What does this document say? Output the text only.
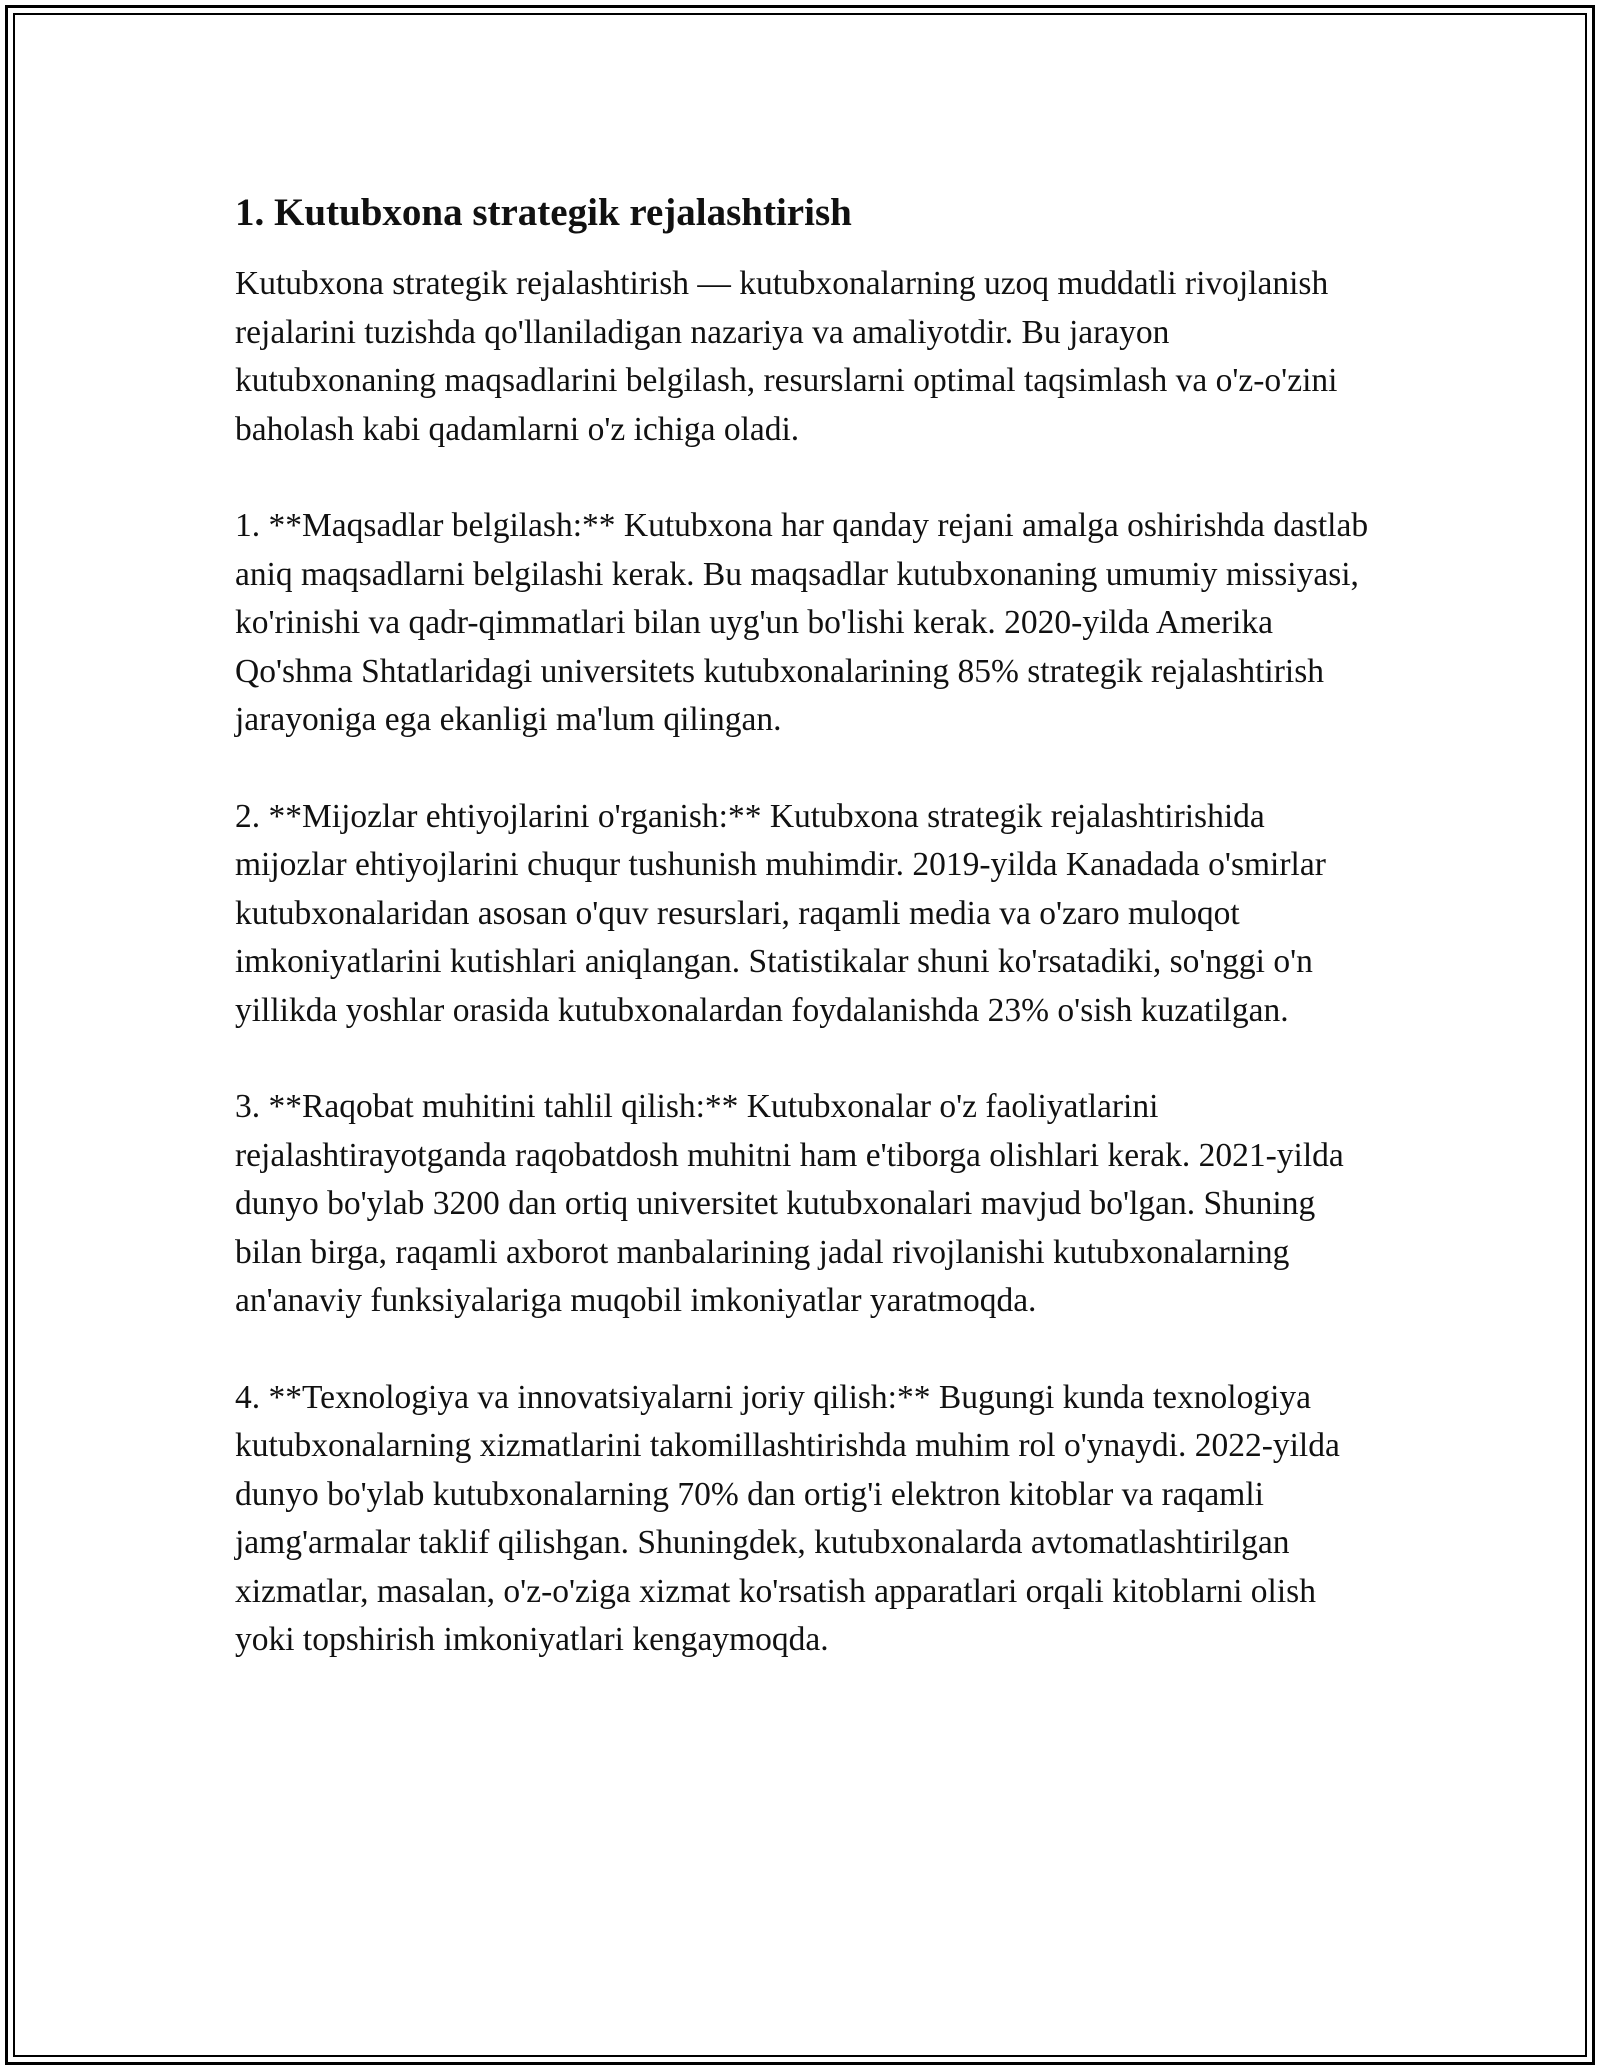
1. Kutubxona strategik rejalashtirish

Kutubxona strategik rejalashtirish — kutubxonalarning uzoq muddatli rivojlanish rejalarini tuzishda qo'llaniladigan nazariya va amaliyotdir. Bu jarayon kutubxonaning maqsadlarini belgilash, resurslarni optimal taqsimlash va o'z-o'zini baholash kabi qadamlarni o'z ichiga oladi.

1. **Maqsadlar belgilash:** Kutubxona har qanday rejani amalga oshirishda dastlab aniq maqsadlarni belgilashi kerak. Bu maqsadlar kutubxonaning umumiy missiyasi, ko'rinishi va qadr-qimmatlari bilan uyg'un bo'lishi kerak. 2020-yilda Amerika Qo'shma Shtatlaridagi universitets kutubxonalarining 85% strategik rejalashtirish jarayoniga ega ekanligi ma'lum qilingan.

2. **Mijozlar ehtiyojlarini o'rganish:** Kutubxona strategik rejalashtirishida mijozlar ehtiyojlarini chuqur tushunish muhimdir. 2019-yilda Kanadada o'smirlar kutubxonalaridan asosan o'quv resurslari, raqamli media va o'zaro muloqot imkoniyatlarini kutishlari aniqlangan. Statistikalar shuni ko'rsatadiki, so'nggi o'n yillikda yoshlar orasida kutubxonalardan foydalanishda 23% o'sish kuzatilgan.

3. **Raqobat muhitini tahlil qilish:** Kutubxonalar o'z faoliyatlarini rejalashtirayotganda raqobatdosh muhitni ham e'tiborga olishlari kerak. 2021-yilda dunyo bo'ylab 3200 dan ortiq universitet kutubxonalari mavjud bo'lgan. Shuning bilan birga, raqamli axborot manbalarining jadal rivojlanishi kutubxonalarning an'anaviy funksiyalariga muqobil imkoniyatlar yaratmoqda.

4. **Texnologiya va innovatsiyalarni joriy qilish:** Bugungi kunda texnologiya kutubxonalarning xizmatlarini takomillashtirishda muhim rol o'ynaydi. 2022-yilda dunyo bo'ylab kutubxonalarning 70% dan ortig'i elektron kitoblar va raqamli jamg'armalar taklif qilishgan. Shuningdek, kutubxonalarda avtomatlashtirilgan xizmatlar, masalan, o'z-o'ziga xizmat ko'rsatish apparatlari orqali kitoblarni olish yoki topshirish imkoniyatlari kengaymoqda.
